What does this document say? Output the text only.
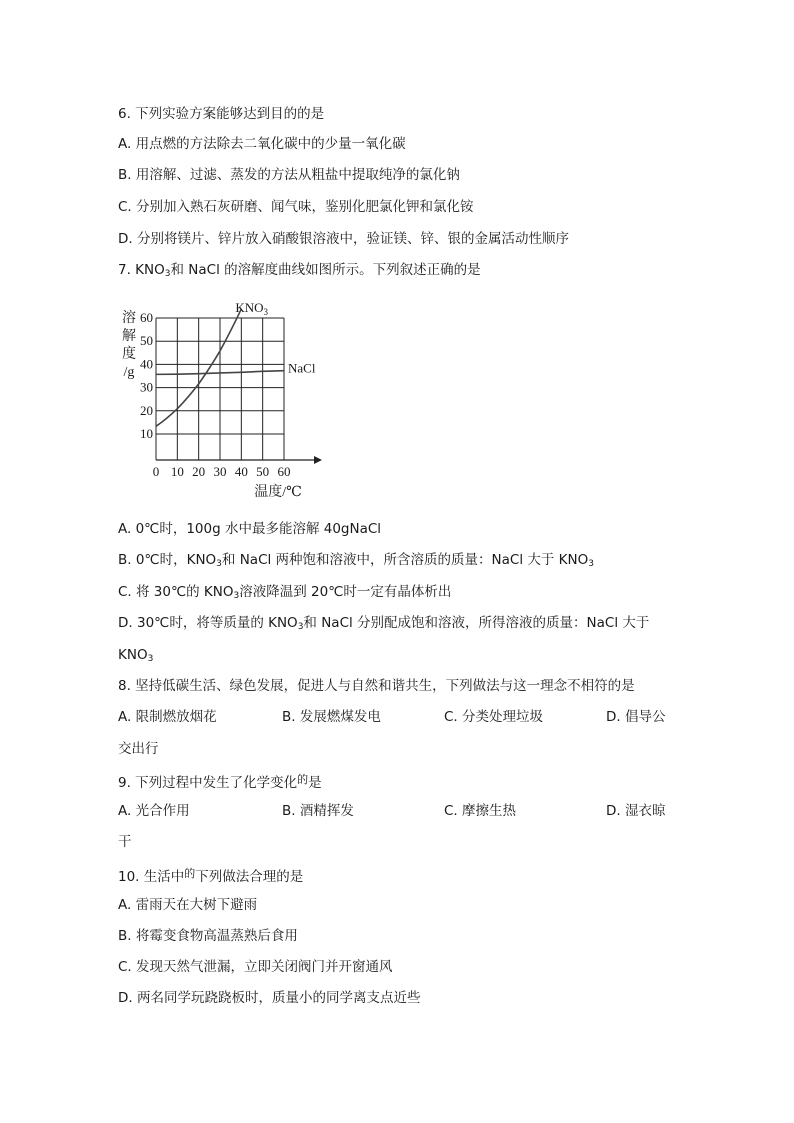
6. 下列实验方案能够达到目的的是
A. 用点燃的方法除去二氧化碳中的少量一氧化碳
B. 用溶解、过滤、蒸发的方法从粗盐中提取纯净的氯化钠
C. 分别加入熟石灰研磨、闻气味，鉴别化肥氯化钾和氯化铵
D. 分别将镁片、锌片放入硝酸银溶液中，验证镁、锌、银的金属活动性顺序
7. $KNO_3$和 NaCl 的溶解度曲线如图所示。下列叙述正确的是
0 10 20 30 40 50 60
10
20
30
40
50
60
溶
解
度
/g
温度/℃
$KNO_3$
NaCl
A. 0℃时，100g 水中最多能溶解 40gNaCl
B. 0℃时，$KNO_3$和 NaCl 两种饱和溶液中，所含溶质的质量：NaCl 大于 $KNO_3$
C. 将 30℃的 $KNO_3$溶液降温到 20℃时一定有晶体析出
D. 30℃时，将等质量的 $KNO_3$和 NaCl 分别配成饱和溶液，所得溶液的质量：NaCl 大于
$KNO_3$
8. 坚持低碳生活、绿色发展，促进人与自然和谐共生，下列做法与这一理念不相符的是
A. 限制燃放烟花	B. 发展燃煤发电	C. 分类处理垃圾	D. 倡导公
交出行
9. 下列过程中发生了化学变化$^的$是
A. 光合作用	B. 酒精挥发	C. 摩擦生热	D. 湿衣晾
干
10. 生活中$^的$下列做法合理的是
A. 雷雨天在大树下避雨
B. 将霉变食物高温蒸熟后食用
C. 发现天然气泄漏，立即关闭阀门并开窗通风
D. 两名同学玩跷跷板时，质量小的同学离支点近些
